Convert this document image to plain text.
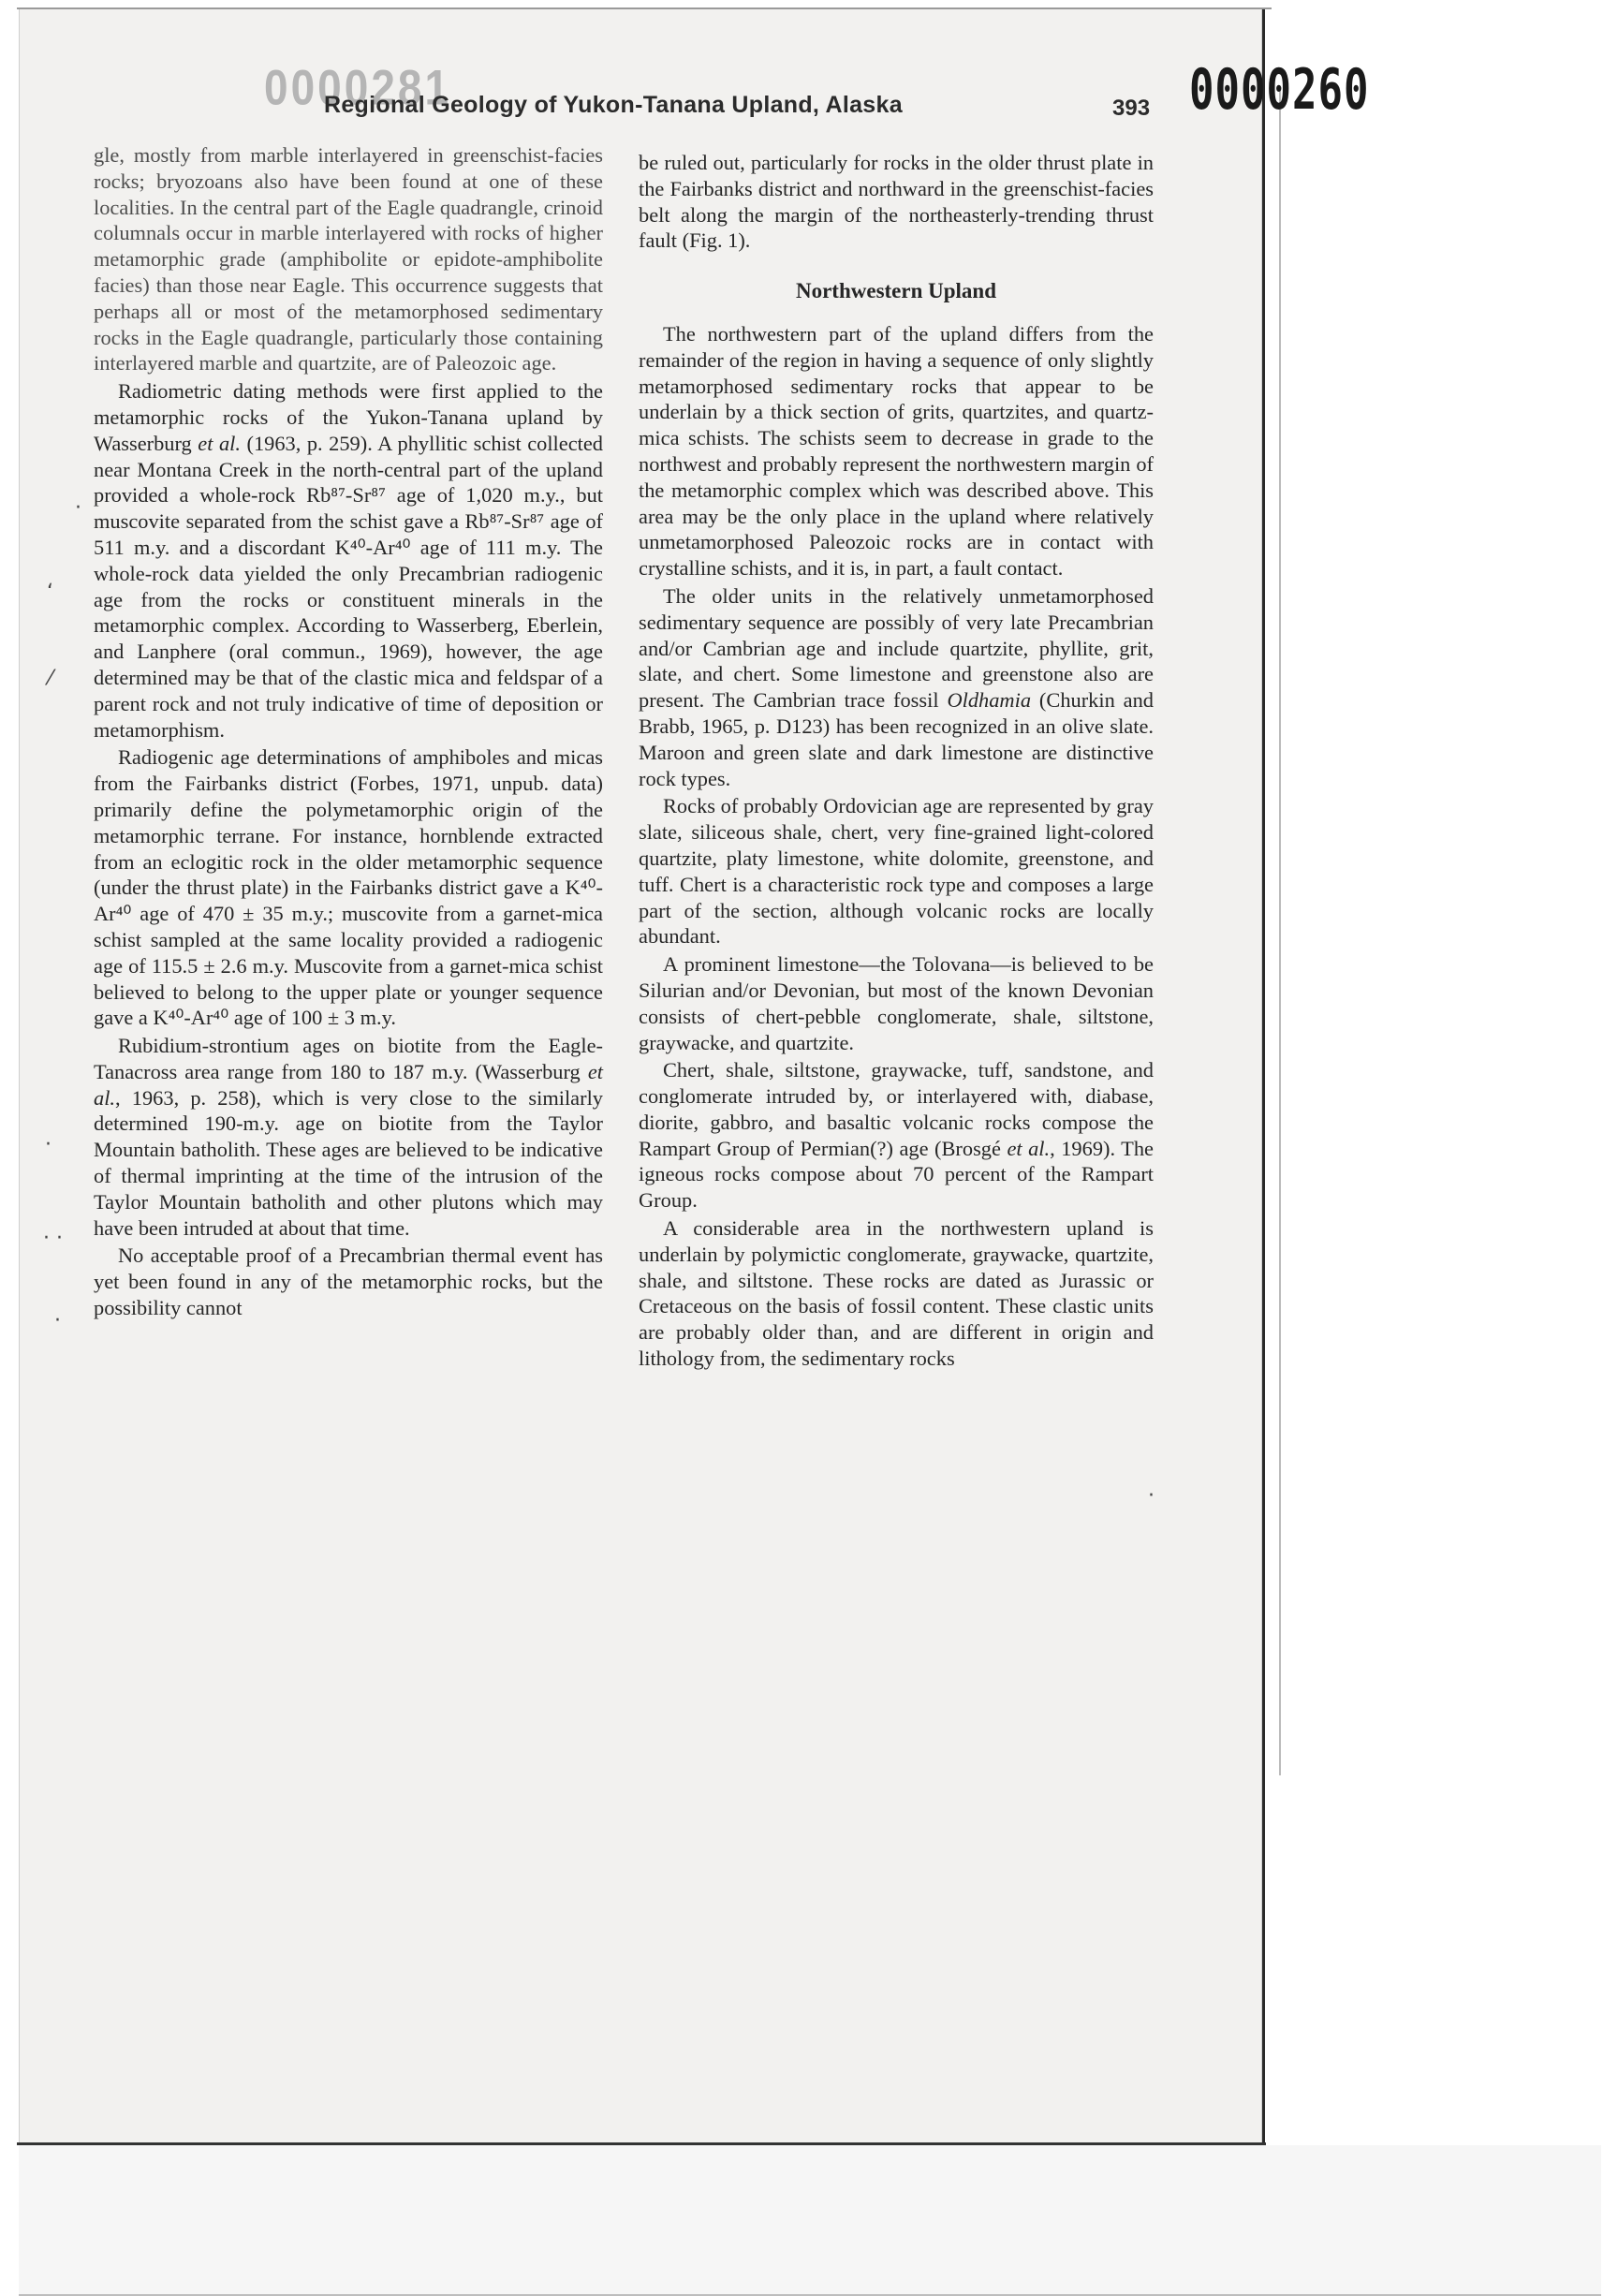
0000281
Regional Geology of Yukon-Tanana Upland, Alaska	393 0000260
·
ʻ
⁄
·
· ·
·
·

gle, mostly from marble interlayered in greenschist-facies rocks; bryozoans also have been found at one of these localities. In the central part of the Eagle quadrangle, crinoid columnals occur in marble interlayered with rocks of higher metamorphic grade (amphibolite or epidote-amphibolite facies) than those near Eagle. This occurrence suggests that perhaps all or most of the metamorphosed sedimentary rocks in the Eagle quadrangle, particularly those containing interlayered marble and quartzite, are of Paleozoic age.

Radiometric dating methods were first applied to the metamorphic rocks of the Yukon-Tanana upland by Wasserburg et al. (1963, p. 259). A phyllitic schist collected near Montana Creek in the north-central part of the upland provided a whole-rock Rb⁸⁷-Sr⁸⁷ age of 1,020 m.y., but muscovite separated from the schist gave a Rb⁸⁷-Sr⁸⁷ age of 511 m.y. and a discordant K⁴⁰-Ar⁴⁰ age of 111 m.y. The whole-rock data yielded the only Precambrian radiogenic age from the rocks or constituent minerals in the metamorphic complex. According to Wasserberg, Eberlein, and Lanphere (oral commun., 1969), however, the age determined may be that of the clastic mica and feldspar of a parent rock and not truly indicative of time of deposition or metamorphism.

Radiogenic age determinations of amphiboles and micas from the Fairbanks district (Forbes, 1971, unpub. data) primarily define the polymetamorphic origin of the metamorphic terrane. For instance, hornblende extracted from an eclogitic rock in the older metamorphic sequence (under the thrust plate) in the Fairbanks district gave a K⁴⁰-Ar⁴⁰ age of 470 ± 35 m.y.; muscovite from a garnet-mica schist sampled at the same locality provided a radiogenic age of 115.5 ± 2.6 m.y. Muscovite from a garnet-mica schist believed to belong to the upper plate or younger sequence gave a K⁴⁰-Ar⁴⁰ age of 100 ± 3 m.y.

Rubidium-strontium ages on biotite from the Eagle-Tanacross area range from 180 to 187 m.y. (Wasserburg et al., 1963, p. 258), which is very close to the similarly determined 190-m.y. age on biotite from the Taylor Mountain batholith. These ages are believed to be indicative of thermal imprinting at the time of the intrusion of the Taylor Mountain batholith and other plutons which may have been intruded at about that time.

No acceptable proof of a Precambrian thermal event has yet been found in any of the metamorphic rocks, but the possibility cannot

be ruled out, particularly for rocks in the older thrust plate in the Fairbanks district and northward in the greenschist-facies belt along the margin of the northeasterly-trending thrust fault (Fig. 1).

Northwestern Upland

The northwestern part of the upland differs from the remainder of the region in having a sequence of only slightly metamorphosed sedimentary rocks that appear to be underlain by a thick section of grits, quartzites, and quartz-mica schists. The schists seem to decrease in grade to the northwest and probably represent the northwestern margin of the metamorphic complex which was described above. This area may be the only place in the upland where relatively unmetamorphosed Paleozoic rocks are in contact with crystalline schists, and it is, in part, a fault contact.

The older units in the relatively unmetamorphosed sedimentary sequence are possibly of very late Precambrian and/or Cambrian age and include quartzite, phyllite, grit, slate, and chert. Some limestone and greenstone also are present. The Cambrian trace fossil Oldhamia (Churkin and Brabb, 1965, p. D123) has been recognized in an olive slate. Maroon and green slate and dark limestone are distinctive rock types.

Rocks of probably Ordovician age are represented by gray slate, siliceous shale, chert, very fine-grained light-colored quartzite, platy limestone, white dolomite, greenstone, and tuff. Chert is a characteristic rock type and composes a large part of the section, although volcanic rocks are locally abundant.

A prominent limestone—the Tolovana—is believed to be Silurian and/or Devonian, but most of the known Devonian consists of chert-pebble conglomerate, shale, siltstone, graywacke, and quartzite.

Chert, shale, siltstone, graywacke, tuff, sandstone, and conglomerate intruded by, or interlayered with, diabase, diorite, gabbro, and basaltic volcanic rocks compose the Rampart Group of Permian(?) age (Brosgé et al., 1969). The igneous rocks compose about 70 percent of the Rampart Group.

A considerable area in the northwestern upland is underlain by polymictic conglomerate, graywacke, quartzite, shale, and siltstone. These rocks are dated as Jurassic or Cretaceous on the basis of fossil content. These clastic units are probably older than, and are different in origin and lithology from, the sedimentary rocks
